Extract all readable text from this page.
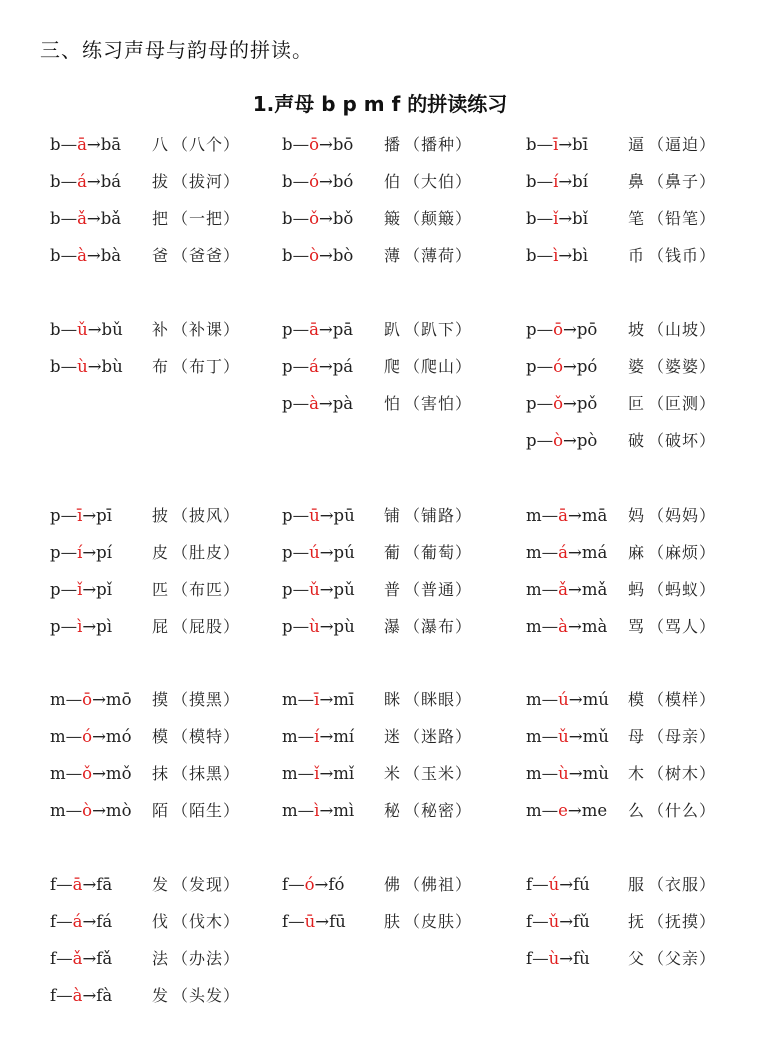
三、练习声母与韵母的拼读。
1.声母 b p m f 的拼读练习
b—ā→bā 八 （八个）
b—á→bá 拔 （拔河）
b—ǎ→bǎ 把 （一把）
b—à→bà 爸 （爸爸）
b—ō→bō 播 （播种）
b—ó→bó 伯 （大伯）
b—ǒ→bǒ 簸 （颠簸）
b—ò→bò 薄 （薄荷）
b—ī→bī 逼 （逼迫）
b—í→bí 鼻 （鼻子）
b—ǐ→bǐ 笔 （铅笔）
b—ì→bì 币 （钱币）
b—ǔ→bǔ 补 （补课）
b—ù→bù 布 （布丁）
p—ā→pā 趴 （趴下）
p—á→pá 爬 （爬山）
p—à→pà 怕 （害怕）
p—ō→pō 坡 （山坡）
p—ó→pó 婆 （婆婆）
p—ǒ→pǒ 叵 （叵测）
p—ò→pò 破 （破坏）
p—ī→pī 披 （披风）
p—í→pí 皮 （肚皮）
p—ǐ→pǐ 匹 （布匹）
p—ì→pì 屁 （屁股）
p—ū→pū 铺 （铺路）
p—ú→pú 葡 （葡萄）
p—ǔ→pǔ 普 （普通）
p—ù→pù 瀑 （瀑布）
m—ā→mā 妈 （妈妈）
m—á→má 麻 （麻烦）
m—ǎ→mǎ 蚂 （蚂蚁）
m—à→mà 骂 （骂人）
m—ō→mō 摸 （摸黑）
m—ó→mó 模 （模特）
m—ǒ→mǒ 抹 （抹黑）
m—ò→mò 陌 （陌生）
m—ī→mī 眯 （眯眼）
m—í→mí 迷 （迷路）
m—ǐ→mǐ 米 （玉米）
m—ì→mì 秘 （秘密）
m—ú→mú 模 （模样）
m—ǔ→mǔ 母 （母亲）
m—ù→mù 木 （树木）
m—e→me 么 （什么）
f—ā→fā 发 （发现）
f—á→fá 伐 （伐木）
f—ǎ→fǎ 法 （办法）
f—à→fà 发 （头发）
f—ó→fó 佛 （佛祖）
f—ū→fū 肤 （皮肤）
f—ú→fú 服 （衣服）
f—ǔ→fǔ 抚 （抚摸）
f—ù→fù 父 （父亲）
